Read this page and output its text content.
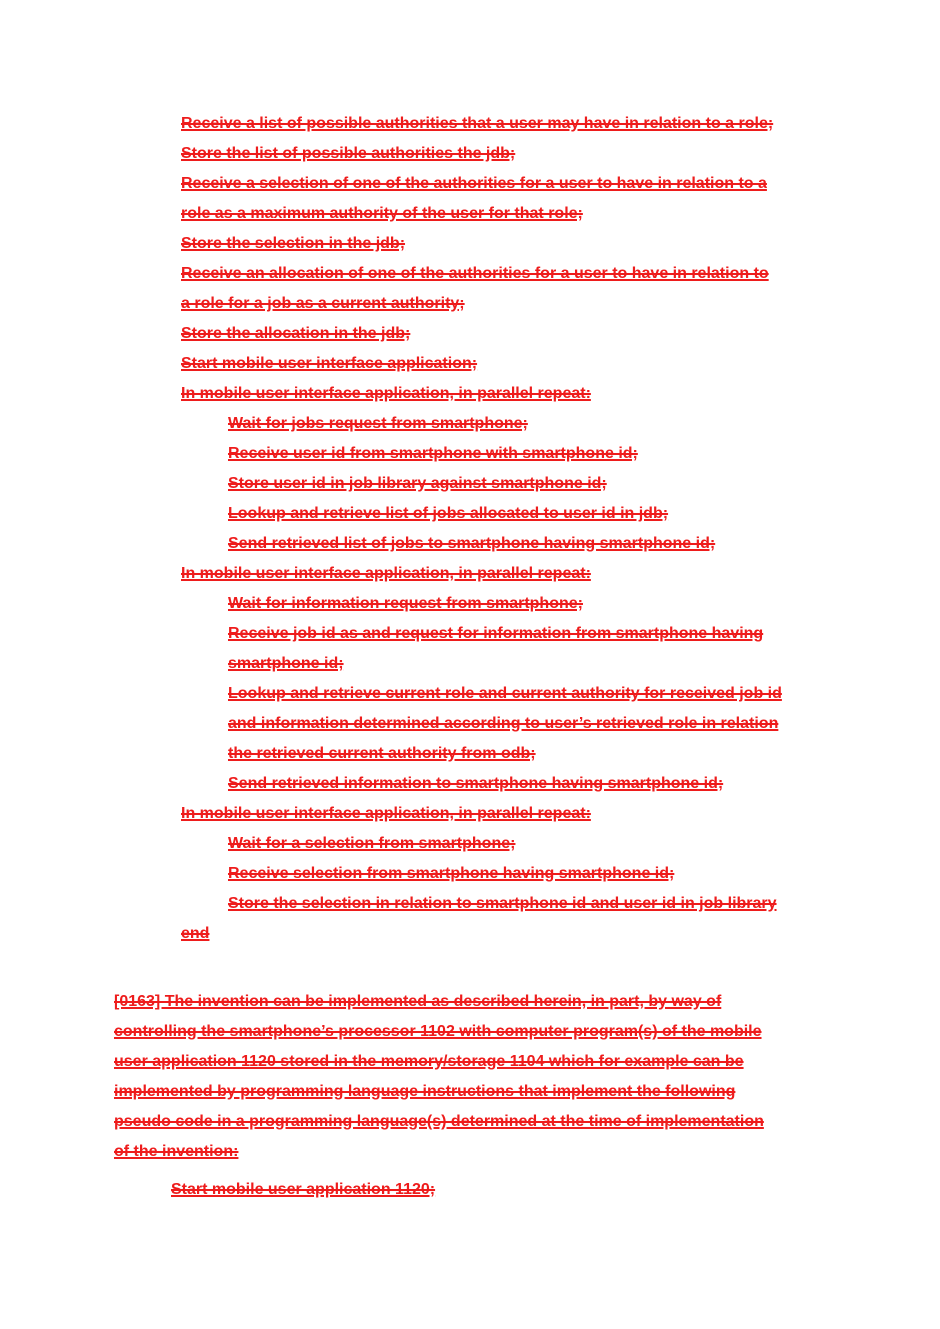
Receive a list of possible authorities that a user may have in relation to a role;
Store the list of possible authorities the jdb;
Receive a selection of one of the authorities for a user to have in relation to a
role as a maximum authority of the user for that role;
Store the selection in the jdb;
Receive an allocation of one of the authorities for a user to have in relation to
a role for a job as a current authority;
Store the allocation in the jdb;
Start mobile user interface application;
In mobile user interface application, in parallel repeat:
Wait for jobs request from smartphone;
Receive user id from smartphone with smartphone id;
Store user id in job library against smartphone id;
Lookup and retrieve list of jobs allocated to user id in jdb;
Send retrieved list of jobs to smartphone having smartphone id;
In mobile user interface application, in parallel repeat:
Wait for information request from smartphone;
Receive job id as and request for information from smartphone having
smartphone id;
Lookup and retrieve current role and current authority for received job id
and information determined according to user’s retrieved role in relation
the retrieved current authority from odb;
Send retrieved information to smartphone having smartphone id;
In mobile user interface application, in parallel repeat:
Wait for a selection from smartphone;
Receive selection from smartphone having smartphone id;
Store the selection in relation to smartphone id and user id in job library
end
[0163] The invention can be implemented as described herein, in part, by way of
controlling the smartphone’s processor 1102 with computer program(s) of the mobile
user application 1120 stored in the memory/storage 1104 which for example can be
implemented by programming language instructions that implement the following
pseudo code in a programming language(s) determined at the time of implementation
of the invention:
Start mobile user application 1120;
